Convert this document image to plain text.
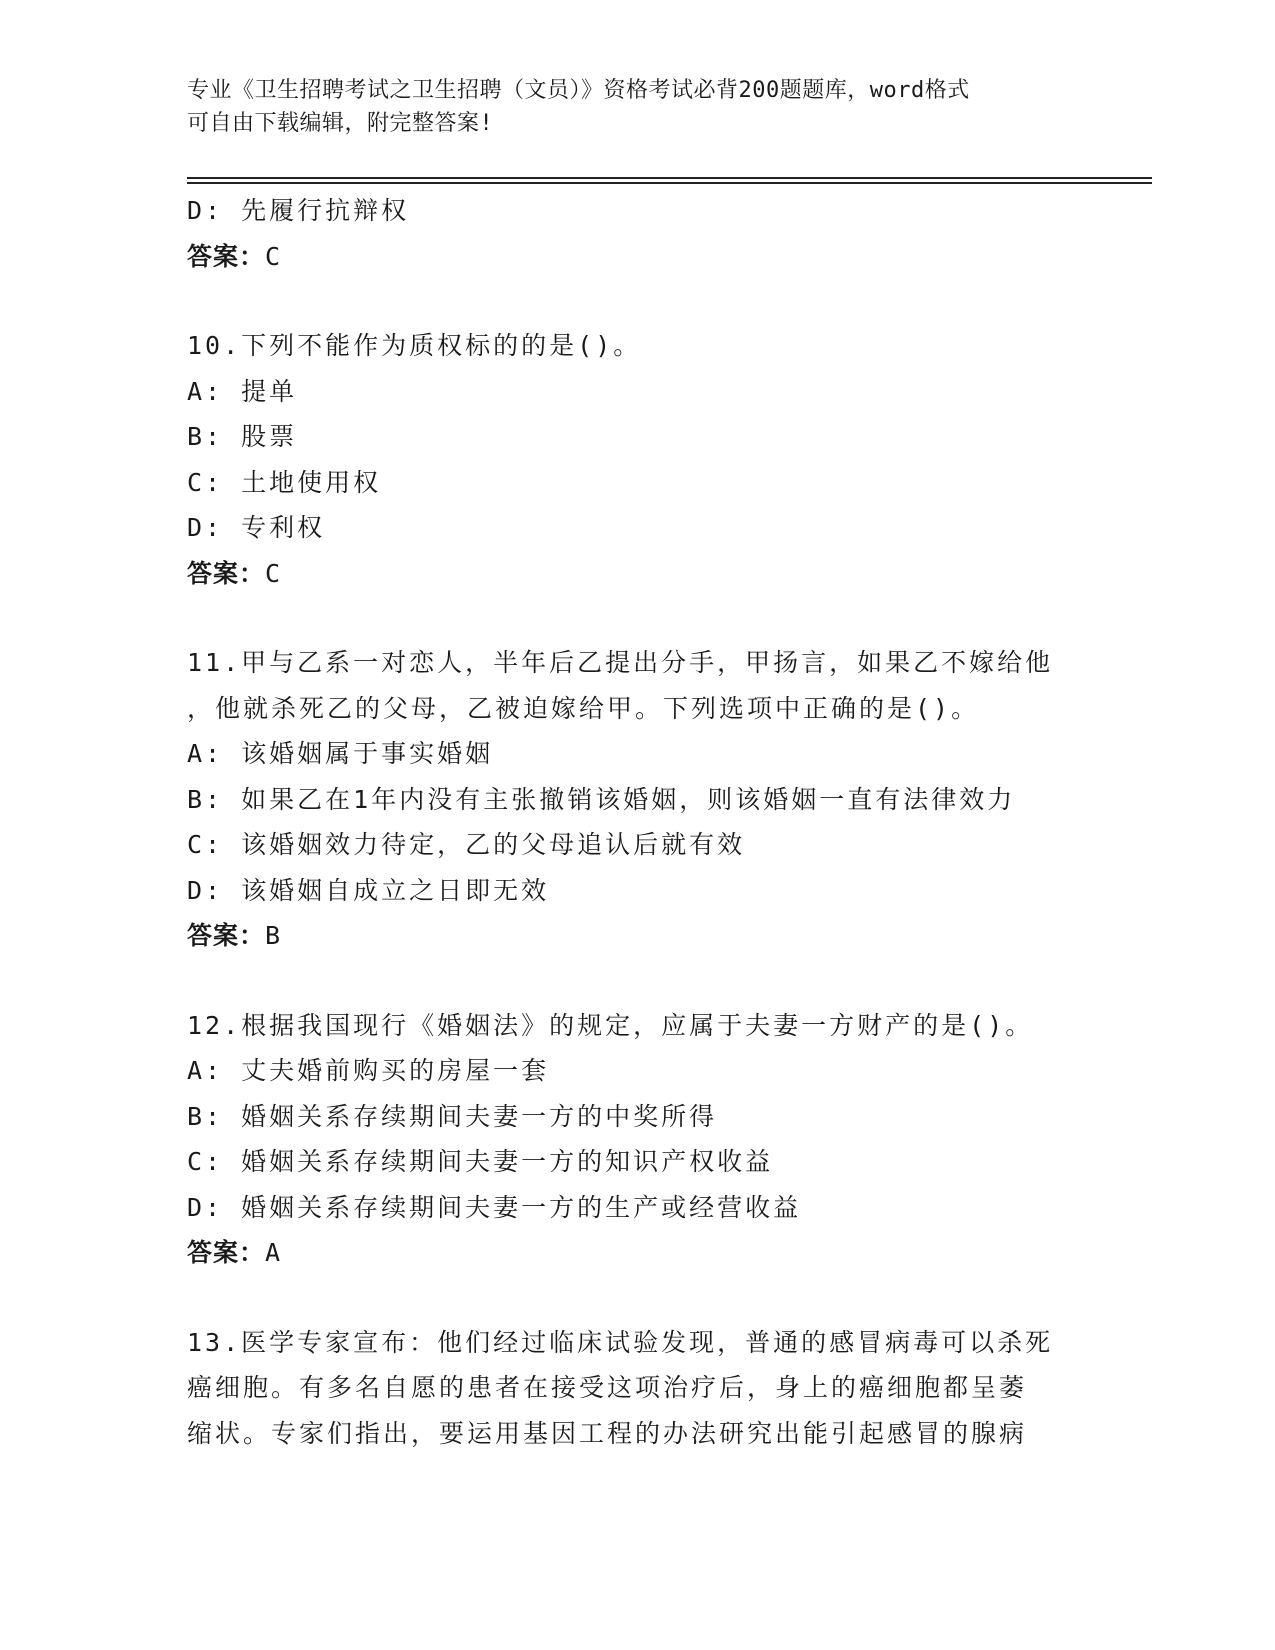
专业《卫生招聘考试之卫生招聘（文员）》资格考试必背200题题库，word格式
可自由下载编辑，附完整答案!
D: 先履行抗辩权
答案：C
10.下列不能作为质权标的的是()。
A: 提单
B: 股票
C: 土地使用权
D: 专利权
答案：C
11.甲与乙系一对恋人，半年后乙提出分手，甲扬言，如果乙不嫁给他
，他就杀死乙的父母，乙被迫嫁给甲。下列选项中正确的是()。
A: 该婚姻属于事实婚姻
B: 如果乙在1年内没有主张撤销该婚姻，则该婚姻一直有法律效力
C: 该婚姻效力待定，乙的父母追认后就有效
D: 该婚姻自成立之日即无效
答案：B
12.根据我国现行《婚姻法》的规定，应属于夫妻一方财产的是()。
A: 丈夫婚前购买的房屋一套
B: 婚姻关系存续期间夫妻一方的中奖所得
C: 婚姻关系存续期间夫妻一方的知识产权收益
D: 婚姻关系存续期间夫妻一方的生产或经营收益
答案：A
13.医学专家宣布：他们经过临床试验发现，普通的感冒病毒可以杀死
癌细胞。有多名自愿的患者在接受这项治疗后，身上的癌细胞都呈萎
缩状。专家们指出，要运用基因工程的办法研究出能引起感冒的腺病
